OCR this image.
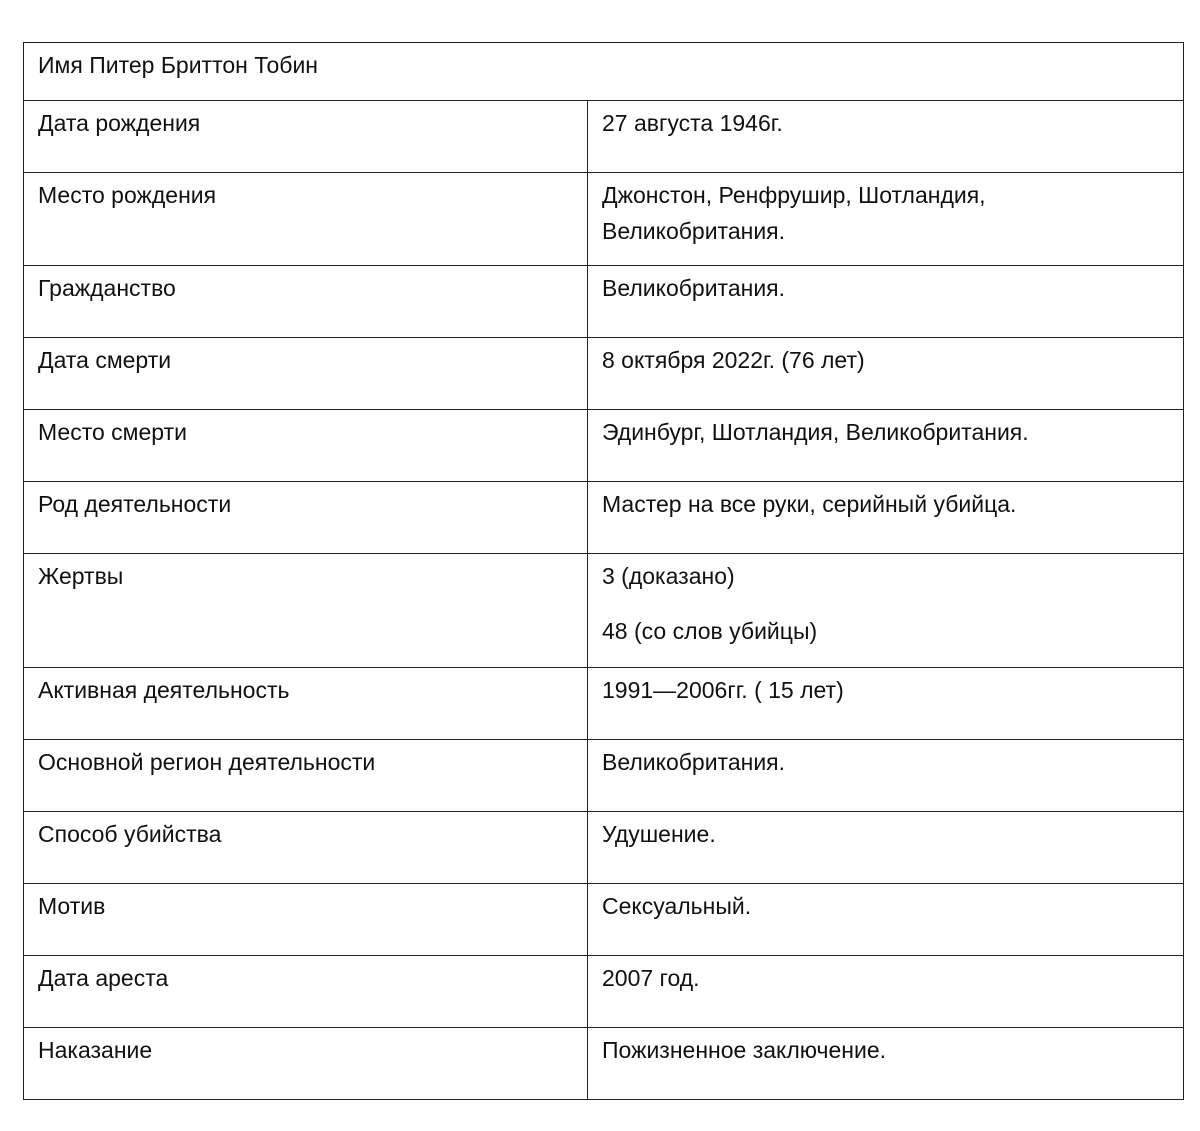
Имя Питер Бриттон Тобин	
Дата рождения	27 августа 1946г.
Место рождения	Джонстон, Ренфрушир, Шотландия,
Великобритания.

Гражданство	Великобритания.
Дата смерти	8 октября 2022г. (76 лет)
Место смерти	Эдинбург, Шотландия, Великобритания.
Род деятельности	Мастер на все руки, серийный убийца.
Жертвы	3 (доказано)
48 (со слов убийцы)

Активная деятельность	1991—2006гг. ( 15 лет)
Основной регион деятельности	Великобритания.
Способ убийства	Удушение.
Мотив	Сексуальный.
Дата ареста	2007 год.
Наказание	Пожизненное заключение.
